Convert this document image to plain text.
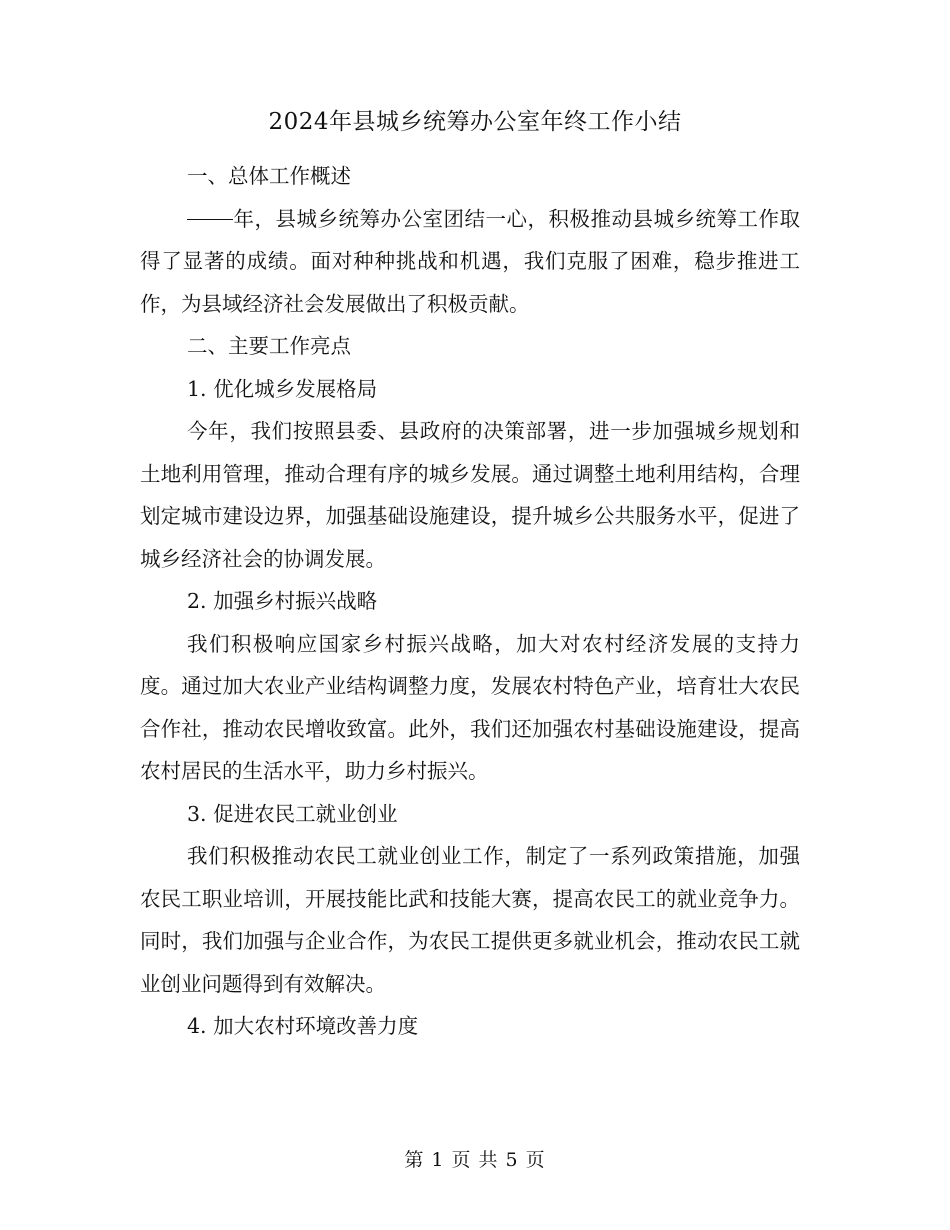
2024年县城乡统筹办公室年终工作小结

一、总体工作概述

年，县城乡统筹办公室团结一心，积极推动县城乡统筹工作取得了显著的成绩。面对种种挑战和机遇，我们克服了困难，稳步推进工作，为县域经济社会发展做出了积极贡献。

二、主要工作亮点

1. 优化城乡发展格局

今年，我们按照县委、县政府的决策部署，进一步加强城乡规划和土地利用管理，推动合理有序的城乡发展。通过调整土地利用结构，合理划定城市建设边界，加强基础设施建设，提升城乡公共服务水平，促进了城乡经济社会的协调发展。

2. 加强乡村振兴战略

我们积极响应国家乡村振兴战略，加大对农村经济发展的支持力度。通过加大农业产业结构调整力度，发展农村特色产业，培育壮大农民合作社，推动农民增收致富。此外，我们还加强农村基础设施建设，提高农村居民的生活水平，助力乡村振兴。

3. 促进农民工就业创业

我们积极推动农民工就业创业工作，制定了一系列政策措施，加强农民工职业培训，开展技能比武和技能大赛，提高农民工的就业竞争力。同时，我们加强与企业合作，为农民工提供更多就业机会，推动农民工就业创业问题得到有效解决。

4. 加大农村环境改善力度

第 1 页 共 5 页
